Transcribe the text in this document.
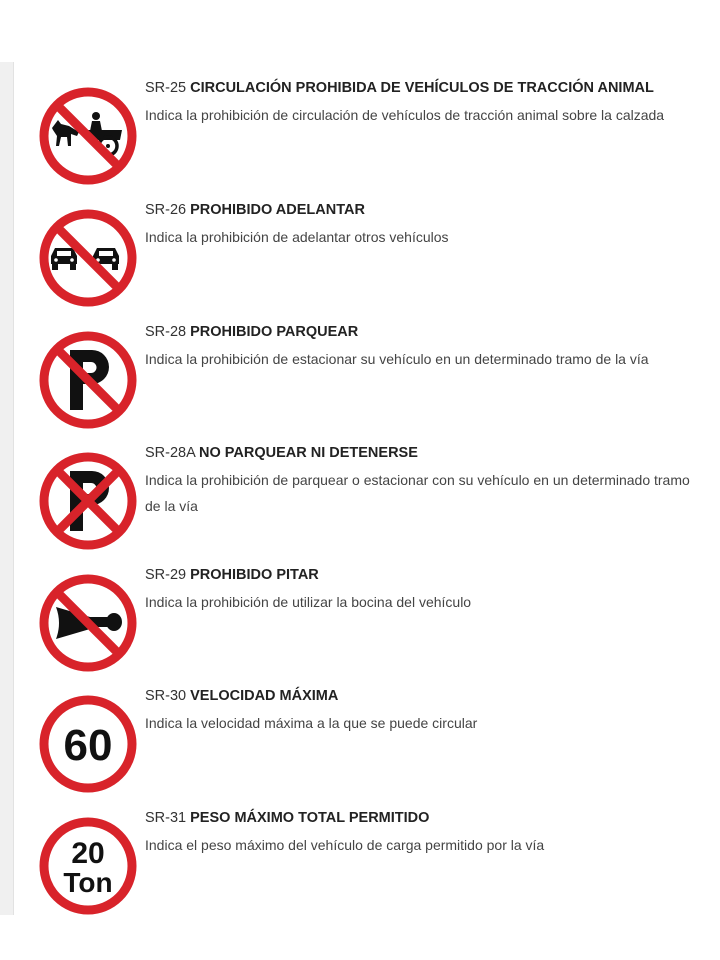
SR-25 CIRCULACIÓN PROHIBIDA DE VEHÍCULOS DE TRACCIÓN ANIMAL

Indica la prohibición de circulación de vehículos de tracción animal sobre la calzada

SR-26 PROHIBIDO ADELANTAR

Indica la prohibición de adelantar otros vehículos

SR-28 PROHIBIDO PARQUEAR

Indica la prohibición de estacionar su vehículo en un determinado tramo de la vía

SR-28A NO PARQUEAR NI DETENERSE

Indica la prohibición de parquear o estacionar con su vehículo en un determinado tramo de la vía

SR-29 PROHIBIDO PITAR

Indica la prohibición de utilizar la bocina del vehículo

60

SR-30 VELOCIDAD MÁXIMA

Indica la velocidad máxima a la que se puede circular

20
Ton

SR-31 PESO MÁXIMO TOTAL PERMITIDO

Indica el peso máximo del vehículo de carga permitido por la vía
